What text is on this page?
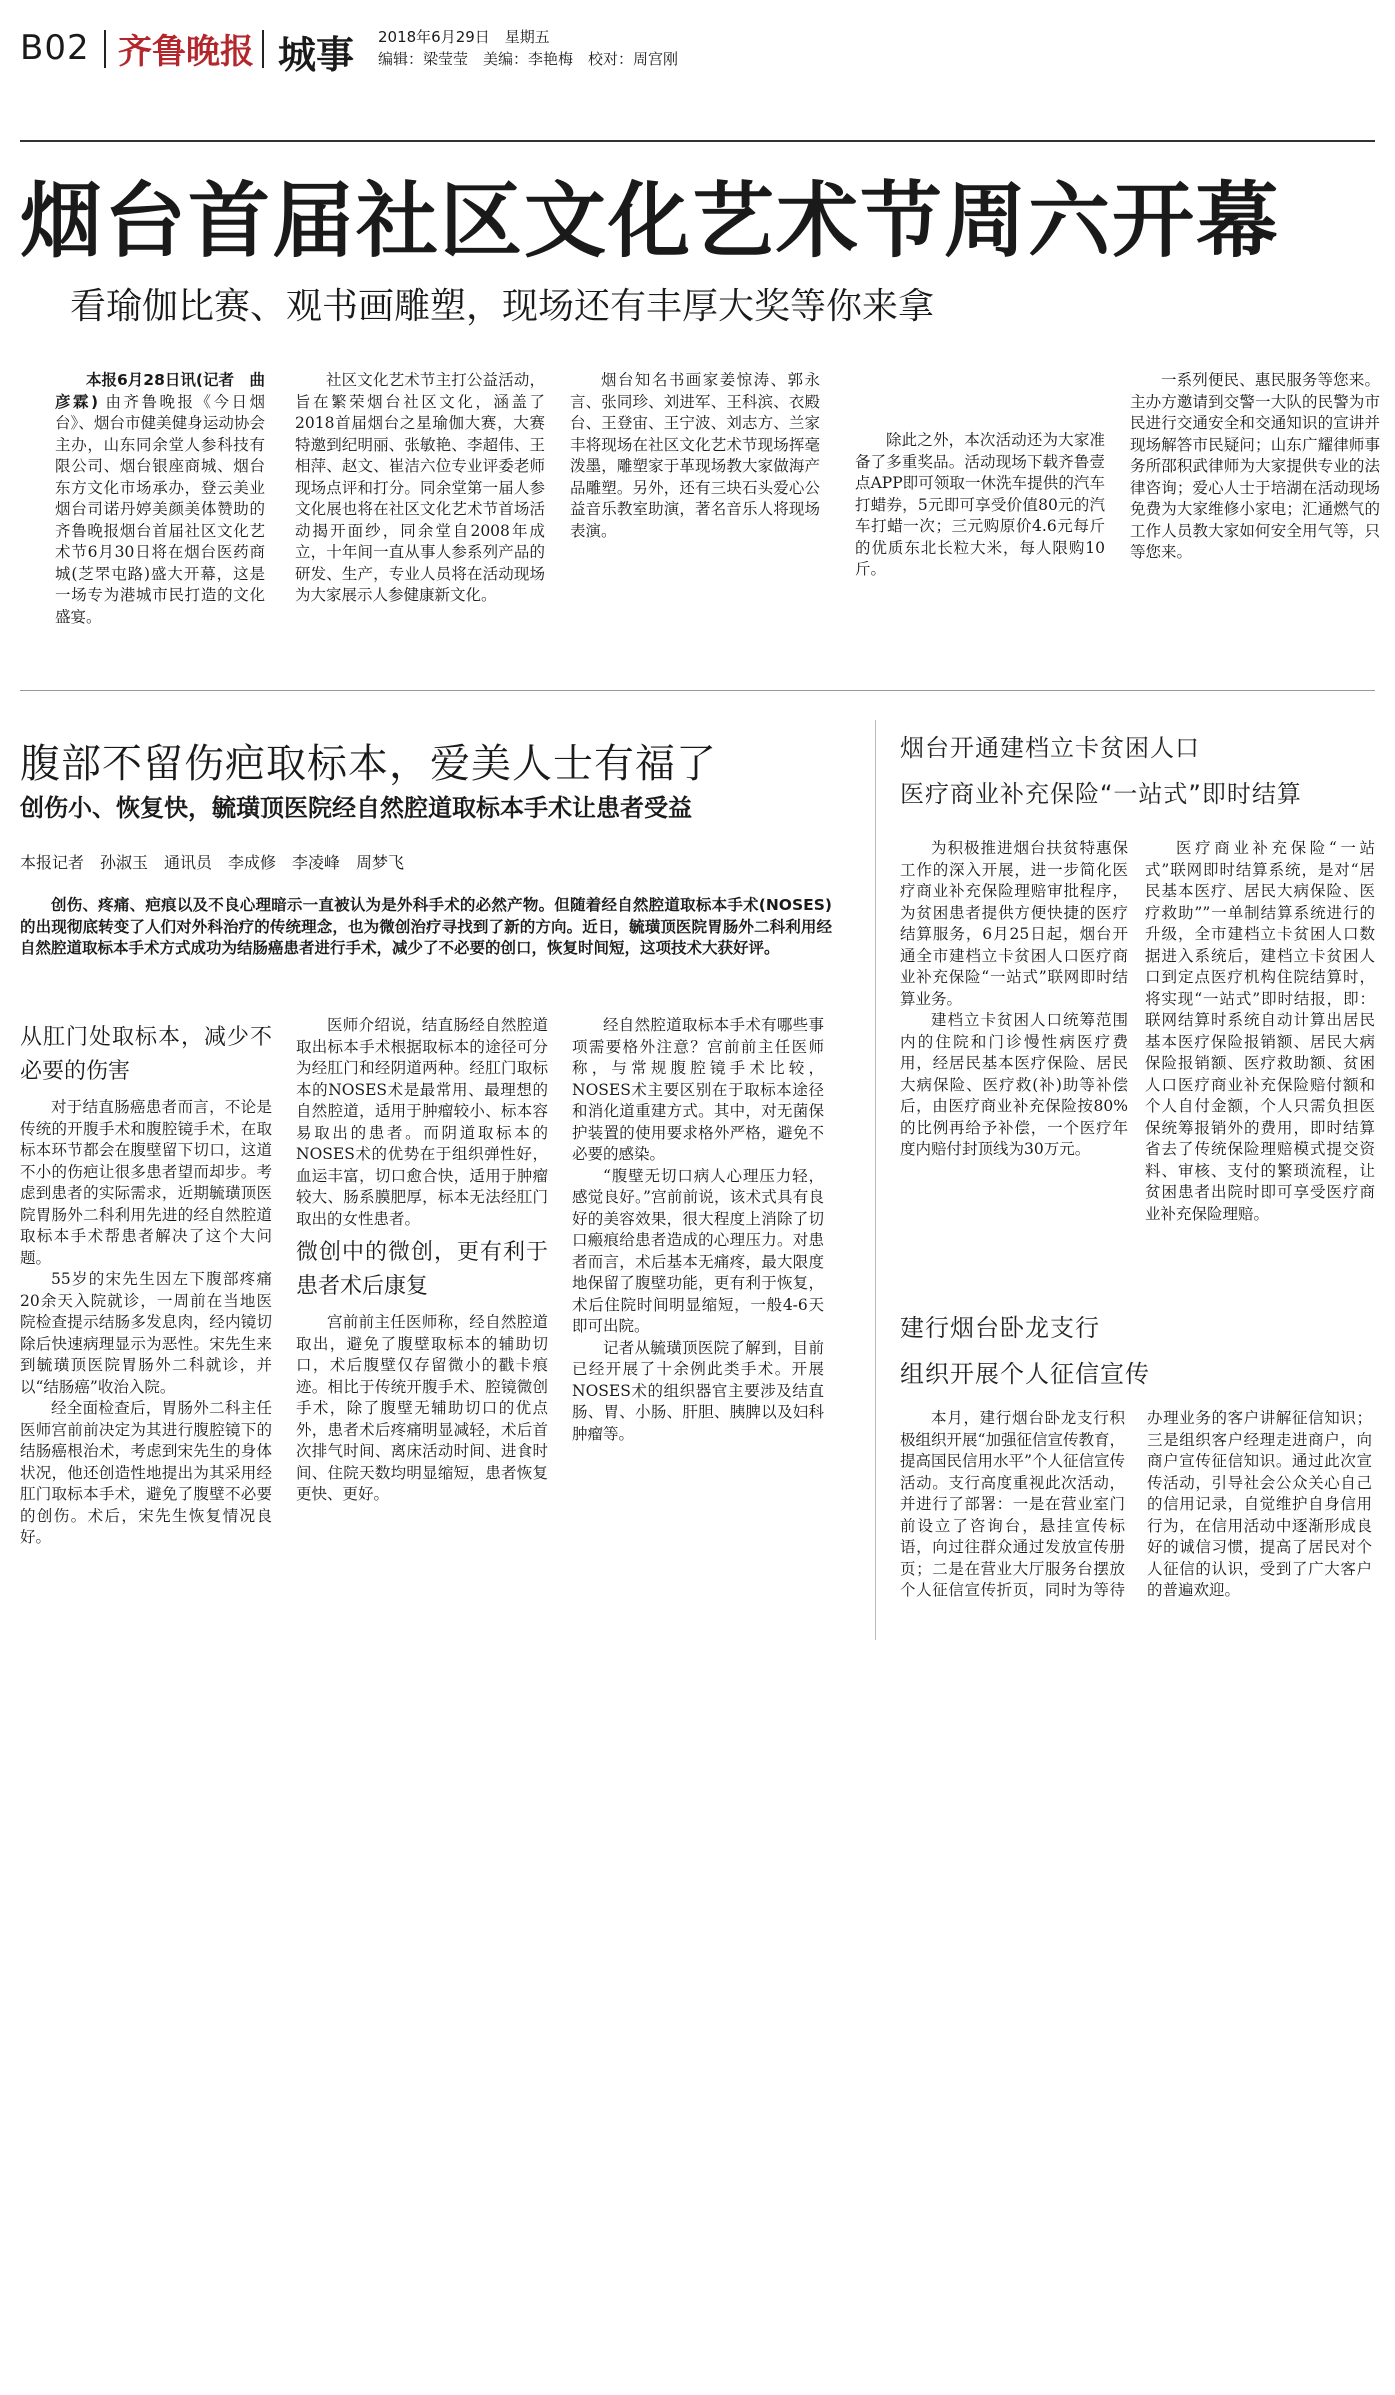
B02 齐鲁晚报 城事 2018年6月29日　星期五
编辑：梁莹莹　美编：李艳梅　校对：周宫刚
烟台首届社区文化艺术节周六开幕
看瑜伽比赛、观书画雕塑，现场还有丰厚大奖等你来拿

本报6月28日讯(记者　曲彦霖) 由齐鲁晚报《今日烟台》、烟台市健美健身运动协会主办，山东同余堂人参科技有限公司、烟台银座商城、烟台东方文化市场承办，登云美业烟台司诺丹婷美颜美体赞助的齐鲁晚报烟台首届社区文化艺术节6月30日将在烟台医药商城(芝罘屯路)盛大开幕，这是一场专为港城市民打造的文化盛宴。

社区文化艺术节主打公益活动，旨在繁荣烟台社区文化，涵盖了2018首届烟台之星瑜伽大赛，大赛特邀到纪明丽、张敏艳、李超伟、王相萍、赵文、崔洁六位专业评委老师现场点评和打分。同余堂第一届人参文化展也将在社区文化艺术节首场活动揭开面纱，同余堂自2008年成立，十年间一直从事人参系列产品的研发、生产，专业人员将在活动现场为大家展示人参健康新文化。

烟台知名书画家姜惊涛、郭永言、张同珍、刘进军、王科滨、衣殿台、王登宙、王宁波、刘志方、兰家丰将现场在社区文化艺术节现场挥毫泼墨，雕塑家于革现场教大家做海产品雕塑。另外，还有三块石头爱心公益音乐教室助演，著名音乐人将现场表演。

除此之外，本次活动还为大家准备了多重奖品。活动现场下载齐鲁壹点APP即可领取一休洗车提供的汽车打蜡券，5元即可享受价值80元的汽车打蜡一次；三元购原价4.6元每斤的优质东北长粒大米，每人限购10斤。

一系列便民、惠民服务等您来。主办方邀请到交警一大队的民警为市民进行交通安全和交通知识的宣讲并现场解答市民疑问；山东广耀律师事务所邵积武律师为大家提供专业的法律咨询；爱心人士于培湖在活动现场免费为大家维修小家电；汇通燃气的工作人员教大家如何安全用气等，只等您来。

腹部不留伤疤取标本，爱美人士有福了
创伤小、恢复快，毓璜顶医院经自然腔道取标本手术让患者受益
本报记者　孙淑玉　通讯员　李成修　李凌峰　周梦飞
创伤、疼痛、疤痕以及不良心理暗示一直被认为是外科手术的必然产物。但随着经自然腔道取标本手术(NOSES)的出现彻底转变了人们对外科治疗的传统理念，也为微创治疗寻找到了新的方向。近日，毓璜顶医院胃肠外二科利用经自然腔道取标本手术方式成功为结肠癌患者进行手术，减少了不必要的创口，恢复时间短，这项技术大获好评。
从肛门处取标本，减少不必要的伤害

对于结直肠癌患者而言，不论是传统的开腹手术和腹腔镜手术，在取标本环节都会在腹壁留下切口，这道不小的伤疤让很多患者望而却步。考虑到患者的实际需求，近期毓璜顶医院胃肠外二科利用先进的经自然腔道取标本手术帮患者解决了这个大问题。

55岁的宋先生因左下腹部疼痛20余天入院就诊，一周前在当地医院检查提示结肠多发息肉，经内镜切除后快速病理显示为恶性。宋先生来到毓璜顶医院胃肠外二科就诊，并以“结肠癌”收治入院。

经全面检查后，胃肠外二科主任医师宫前前决定为其进行腹腔镜下的结肠癌根治术，考虑到宋先生的身体状况，他还创造性地提出为其采用经肛门取标本手术，避免了腹壁不必要的创伤。术后，宋先生恢复情况良好。

医师介绍说，结直肠经自然腔道取出标本手术根据取标本的途径可分为经肛门和经阴道两种。经肛门取标本的NOSES术是最常用、最理想的自然腔道，适用于肿瘤较小、标本容易取出的患者。而阴道取标本的NOSES术的优势在于组织弹性好，血运丰富，切口愈合快，适用于肿瘤较大、肠系膜肥厚，标本无法经肛门取出的女性患者。

微创中的微创，更有利于患者术后康复

宫前前主任医师称，经自然腔道取出，避免了腹壁取标本的辅助切口，术后腹壁仅存留微小的戳卡痕迹。相比于传统开腹手术、腔镜微创手术，除了腹壁无辅助切口的优点外，患者术后疼痛明显减轻，术后首次排气时间、离床活动时间、进食时间、住院天数均明显缩短，患者恢复更快、更好。

经自然腔道取标本手术有哪些事项需要格外注意？宫前前主任医师称，与常规腹腔镜手术比较，NOSES术主要区别在于取标本途径和消化道重建方式。其中，对无菌保护装置的使用要求格外严格，避免不必要的感染。

“腹壁无切口病人心理压力轻，感觉良好。”宫前前说，该术式具有良好的美容效果，很大程度上消除了切口瘢痕给患者造成的心理压力。对患者而言，术后基本无痛疼，最大限度地保留了腹壁功能，更有利于恢复，术后住院时间明显缩短，一般4-6天即可出院。

记者从毓璜顶医院了解到，目前已经开展了十余例此类手术。开展NOSES术的组织器官主要涉及结直肠、胃、小肠、肝胆、胰脾以及妇科肿瘤等。

烟台开通建档立卡贫困人口
医疗商业补充保险“一站式”即时结算

为积极推进烟台扶贫特惠保工作的深入开展，进一步简化医疗商业补充保险理赔审批程序，为贫困患者提供方便快捷的医疗结算服务，6月25日起，烟台开通全市建档立卡贫困人口医疗商业补充保险“一站式”联网即时结算业务。

建档立卡贫困人口统筹范围内的住院和门诊慢性病医疗费用，经居民基本医疗保险、居民大病保险、医疗救(补)助等补偿后，由医疗商业补充保险按80%的比例再给予补偿，一个医疗年度内赔付封顶线为30万元。

医疗商业补充保险“一站式”联网即时结算系统，是对“居民基本医疗、居民大病保险、医疗救助””一单制结算系统进行的升级，全市建档立卡贫困人口数据进入系统后，建档立卡贫困人口到定点医疗机构住院结算时，将实现“一站式”即时结报，即：联网结算时系统自动计算出居民基本医疗保险报销额、居民大病保险报销额、医疗救助额、贫困人口医疗商业补充保险赔付额和个人自付金额，个人只需负担医保统筹报销外的费用，即时结算省去了传统保险理赔模式提交资料、审核、支付的繁琐流程，让贫困患者出院时即可享受医疗商业补充保险理赔。

建行烟台卧龙支行
组织开展个人征信宣传

本月，建行烟台卧龙支行积极组织开展“加强征信宣传教育，提高国民信用水平”个人征信宣传活动。支行高度重视此次活动，并进行了部署：一是在营业室门前设立了咨询台，悬挂宣传标语，向过往群众通过发放宣传册页；二是在营业大厅服务台摆放个人征信宣传折页，同时为等待办理业务的客户讲解征信知识；三是组织客户经理走进商户，向商户宣传征信知识。通过此次宣传活动，引导社会公众关心自己的信用记录，自觉维护自身信用行为，在信用活动中逐渐形成良好的诚信习惯，提高了居民对个人征信的认识，受到了广大客户的普遍欢迎。
